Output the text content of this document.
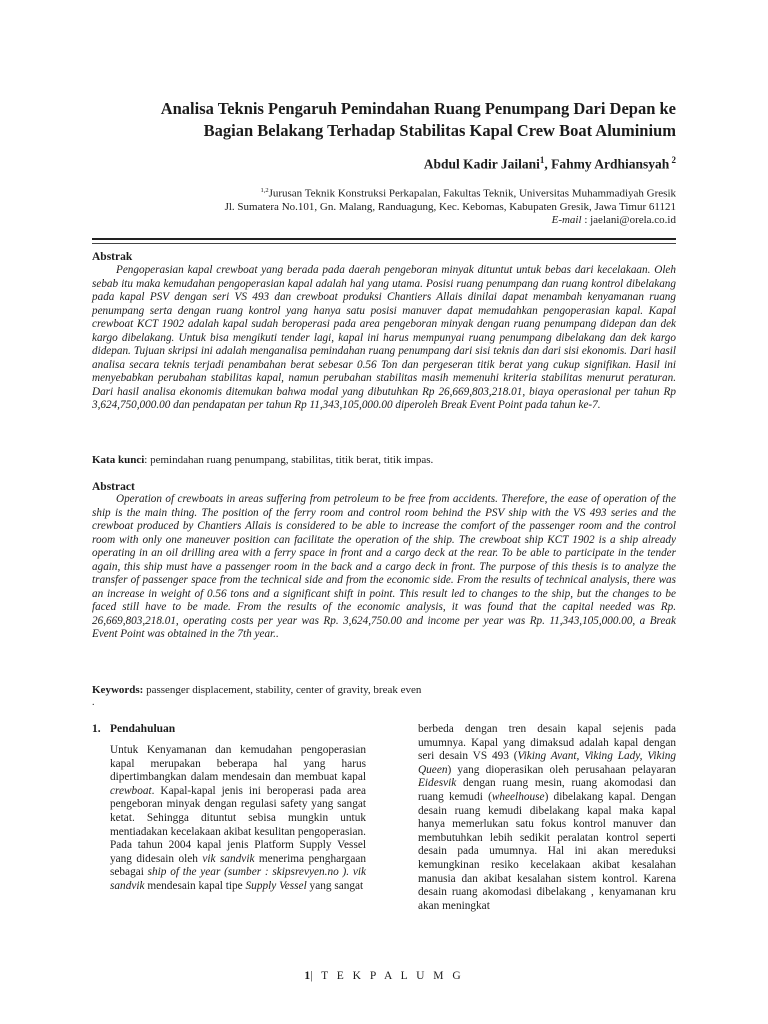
Analisa Teknis Pengaruh Pemindahan Ruang Penumpang Dari Depan ke
Bagian Belakang Terhadap Stabilitas Kapal Crew Boat Aluminium
Abdul Kadir Jailani$^1$, Fahmy Ardhiansyah $^2$
$^{1,2}$Jurusan Teknik Konstruksi Perkapalan, Fakultas Teknik, Universitas Muhammadiyah Gresik
Jl. Sumatera No.101, Gn. Malang, Randuagung, Kec. Kebomas, Kabupaten Gresik, Jawa Timur 61121
E-mail : jaelani@orela.co.id
Abstrak

Pengoperasian kapal crewboat yang berada pada daerah pengeboran minyak dituntut untuk bebas dari kecelakaan. Oleh sebab itu maka kemudahan pengoperasian kapal adalah hal yang utama. Posisi ruang penumpang dan ruang kontrol dibelakang pada kapal PSV dengan seri VS 493 dan crewboat produksi Chantiers Allais dinilai dapat menambah kenyamanan ruang penumpang serta dengan ruang kontrol yang hanya satu posisi manuver dapat memudahkan pengoperasian kapal. Kapal crewboat KCT 1902 adalah kapal sudah beroperasi pada area pengeboran minyak dengan ruang penumpang didepan dan dek kargo dibelakang. Untuk bisa mengikuti tender lagi, kapal ini harus mempunyai ruang penumpang dibelakang dan dek kargo didepan. Tujuan skripsi ini adalah menganalisa pemindahan ruang penumpang dari sisi teknis dan dari sisi ekonomis. Dari hasil analisa secara teknis terjadi penambahan berat sebesar 0.56 Ton dan pergeseran titik berat yang cukup signifikan. Hasil ini menyebabkan perubahan stabilitas kapal, namun perubahan stabilitas masih memenuhi kriteria stabilitas menurut peraturan. Dari hasil analisa ekonomis ditemukan bahwa modal yang dibutuhkan Rp 26,669,803,218.01, biaya operasional per tahun Rp 3,624,750,000.00 dan pendapatan per tahun Rp 11,343,105,000.00 diperoleh Break Event Point pada tahun ke-7.

Kata kunci: pemindahan ruang penumpang, stabilitas, titik berat, titik impas.
Abstract

Operation of crewboats in areas suffering from petroleum to be free from accidents. Therefore, the ease of operation of the ship is the main thing. The position of the ferry room and control room behind the PSV ship with the VS 493 series and the crewboat produced by Chantiers Allais is considered to be able to increase the comfort of the passenger room and the control room with only one maneuver position can facilitate the operation of the ship. The crewboat ship KCT 1902 is a ship already operating in an oil drilling area with a ferry space in front and a cargo deck at the rear. To be able to participate in the tender again, this ship must have a passenger room in the back and a cargo deck in front. The purpose of this thesis is to analyze the transfer of passenger space from the technical side and from the economic side. From the results of technical analysis, there was an increase in weight of 0.56 tons and a significant shift in point. This result led to changes to the ship, but the changes to be faced still have to be made. From the results of the economic analysis, it was found that the capital needed was Rp. 26,669,803,218.01, operating costs per year was Rp. 3,624,750.00 and income per year was Rp. 11,343,105,000.00, a Break Event Point was obtained in the 7th year..

Keywords: passenger displacement, stability, center of gravity, break even
.
1. Pendahuluan

Untuk Kenyamanan dan kemudahan pengoperasian kapal merupakan beberapa hal yang harus dipertimbangkan dalam mendesain dan membuat kapal crewboat. Kapal-kapal jenis ini beroperasi pada area pengeboran minyak dengan regulasi safety yang sangat ketat. Sehingga dituntut sebisa mungkin untuk mentiadakan kecelakaan akibat kesulitan pengoperasian. Pada tahun 2004 kapal jenis Platform Supply Vessel yang didesain oleh vik sandvik menerima penghargaan sebagai ship of the year (sumber : skipsrevyen.no ). vik sandvik mendesain kapal tipe Supply Vessel yang sangat

berbeda dengan tren desain kapal sejenis pada umumnya. Kapal yang dimaksud adalah kapal dengan seri desain VS 493 (Viking Avant, Viking Lady, Viking Queen) yang dioperasikan oleh perusahaan pelayaran Eidesvik dengan ruang mesin, ruang akomodasi dan ruang kemudi (wheelhouse) dibelakang kapal. Dengan desain ruang kemudi dibelakang kapal maka kapal hanya memerlukan satu fokus kontrol manuver dan membutuhkan lebih sedikit peralatan kontrol seperti desain pada umumnya. Hal ini akan mereduksi kemungkinan resiko kecelakaan akibat kesalahan manusia dan akibat kesalahan sistem kontrol. Karena desain ruang akomodasi dibelakang , kenyamanan kru akan meningkat

1| T E K P A L U M G
